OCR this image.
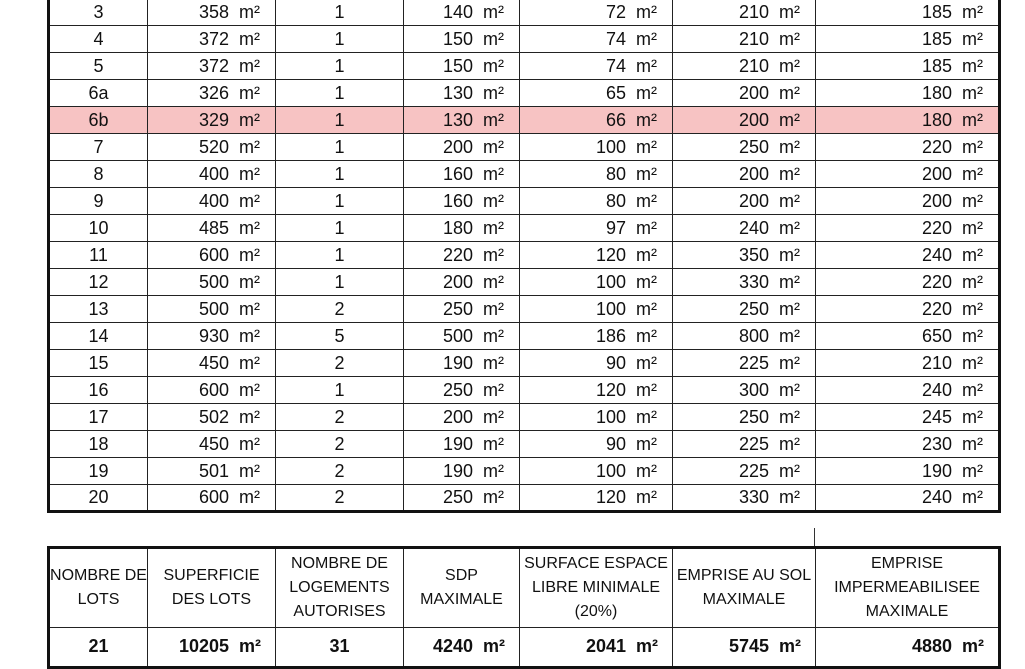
3	358 m²	1	140 m²	72 m²	210 m²	185 m²

4	372 m²	1	150 m²	74 m²	210 m²	185 m²

5	372 m²	1	150 m²	74 m²	210 m²	185 m²

6a	326 m²	1	130 m²	65 m²	200 m²	180 m²

6b	329 m²	1	130 m²	66 m²	200 m²	180 m²

7	520 m²	1	200 m²	100 m²	250 m²	220 m²

8	400 m²	1	160 m²	80 m²	200 m²	200 m²

9	400 m²	1	160 m²	80 m²	200 m²	200 m²

10	485 m²	1	180 m²	97 m²	240 m²	220 m²

11	600 m²	1	220 m²	120 m²	350 m²	240 m²

12	500 m²	1	200 m²	100 m²	330 m²	220 m²

13	500 m²	2	250 m²	100 m²	250 m²	220 m²

14	930 m²	5	500 m²	186 m²	800 m²	650 m²

15	450 m²	2	190 m²	90 m²	225 m²	210 m²

16	600 m²	1	250 m²	120 m²	300 m²	240 m²

17	502 m²	2	200 m²	100 m²	250 m²	245 m²

18	450 m²	2	190 m²	90 m²	225 m²	230 m²

19	501 m²	2	190 m²	100 m²	225 m²	190 m²

20	600 m²	2	250 m²	120 m²	330 m²	240 m²
NOMBRE DE LOTS	SUPERFICIE DES LOTS	NOMBRE DE LOGEMENTS AUTORISES	SDP MAXIMALE	SURFACE ESPACE LIBRE MINIMALE (20%)	EMPRISE AU SOL MAXIMALE	EMPRISE IMPERMEABILISEE MAXIMALE
21	10205 m²	31	4240 m²	2041 m²	5745 m²	4880 m²
